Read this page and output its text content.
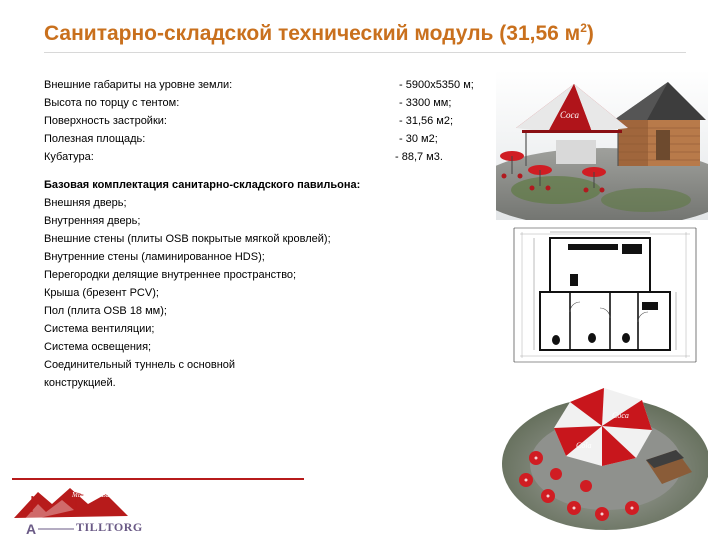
Санитарно-складской технический модуль (31,56 $м^2$)
Внешние габариты на уровне земли:	- 5900x5350 м;
Высота по торцу с тентом:	- 3300 мм;
Поверхность застройки:	- 31,56 м2;
Полезная площадь:	- 30 м2;
Кубатура:	- 88,7 м3.
Базовая комплектация санитарно-складского павильона:
Внешняя дверь;
Внутренняя дверь;
Внешние стены (плиты OSB покрытые мягкой кровлей);
Внутренние стены (ламинированное HDS);
Перегородки делящие внутреннее пространство;
Крыша (брезент PCV);
Пол (плита OSB 18 мм);
Система вентиляции;
Система освещения;
Соединительный туннель с основной
конструкцией.
Coca
Coca
Cola
A
Мы рады Вам всегда!
TILLTORG
